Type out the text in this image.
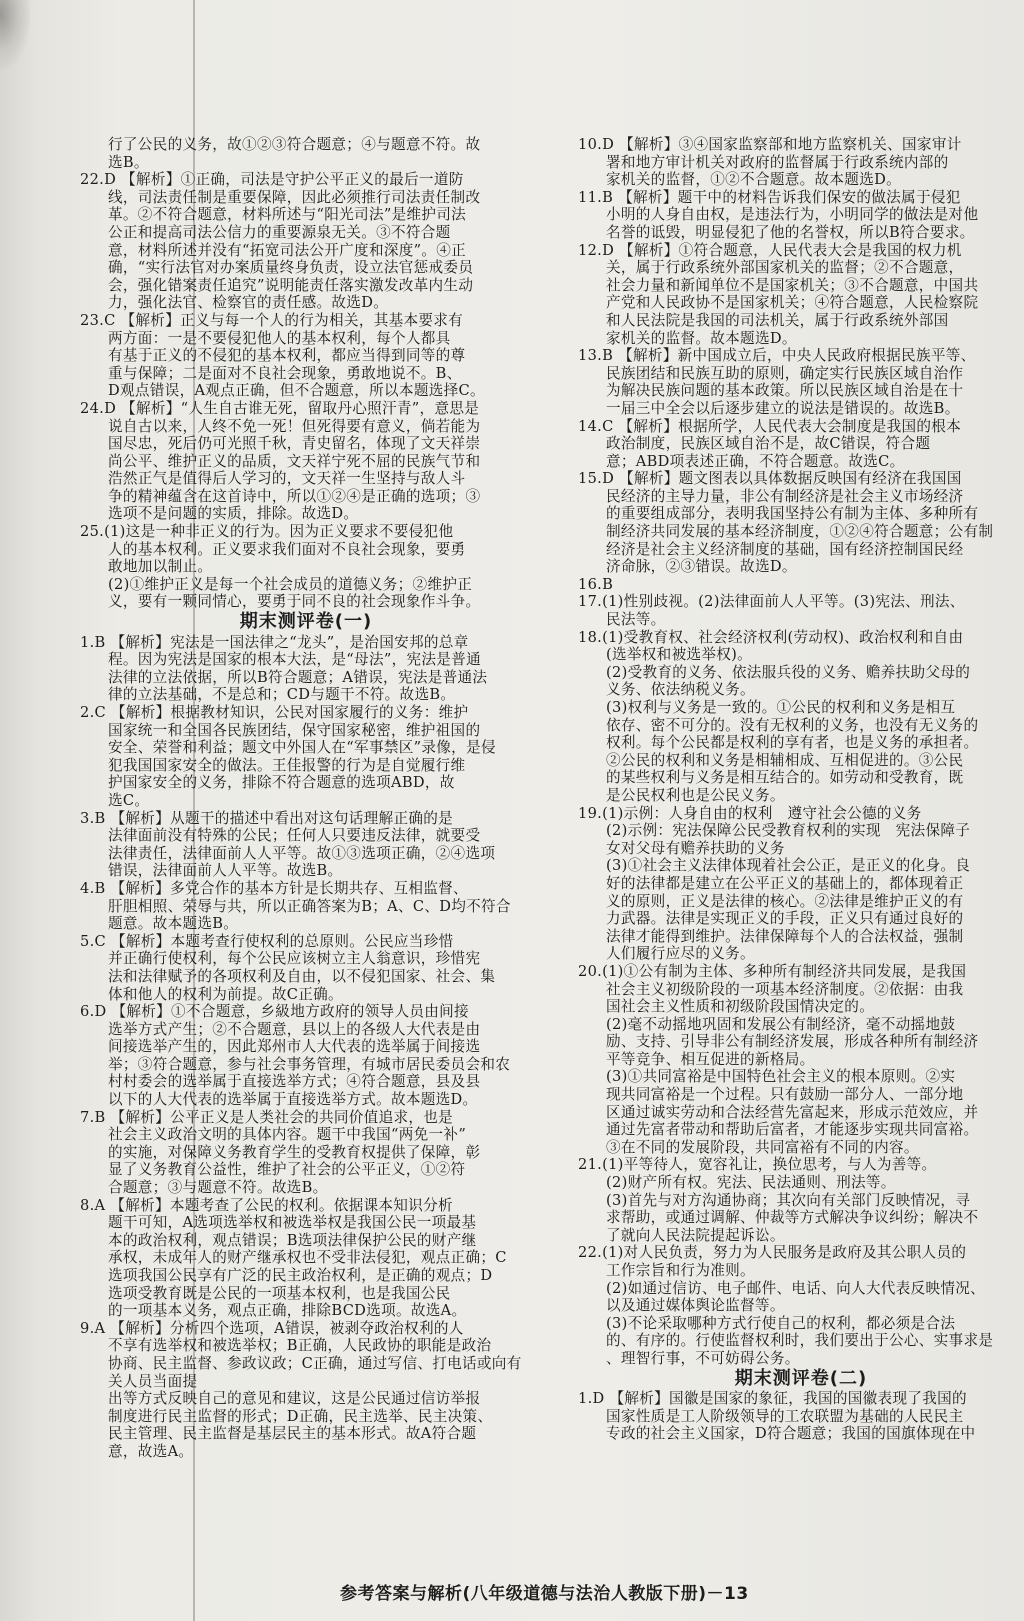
行了公民的义务，故①②③符合题意；④与题意不符。故

选B。

22.D 【解析】①正确，司法是守护公平正义的最后一道防

线，司法责任制是重要保障，因此必须推行司法责任制改

革。②不符合题意，材料所述与“阳光司法”是维护司法

公正和提高司法公信力的重要源泉无关。③不符合题

意，材料所述并没有“拓宽司法公开广度和深度”。④正

确，“实行法官对办案质量终身负责，设立法官惩戒委员

会，强化错案责任追究”说明能责任落实激发改革内生动

力，强化法官、检察官的责任感。故选D。

23.C 【解析】正义与每一个人的行为相关，其基本要求有

两方面：一是不要侵犯他人的基本权利，每个人都具

有基于正义的不侵犯的基本权利，都应当得到同等的尊

重与保障；二是面对不良社会现象，勇敢地说不。B、

D观点错误，A观点正确，但不合题意，所以本题选择C。

24.D 【解析】“人生自古谁无死，留取丹心照汗青”，意思是

说自古以来，人终不免一死！但死得要有意义，倘若能为

国尽忠，死后仍可光照千秋，青史留名，体现了文天祥崇

尚公平、维护正义的品质，文天祥宁死不屈的民族气节和

浩然正气是值得后人学习的，文天祥一生坚持与敌人斗

争的精神蕴含在这首诗中，所以①②④是正确的选项；③

选项不是问题的实质，排除。故选D。

25.(1)这是一种非正义的行为。因为正义要求不要侵犯他

人的基本权利。正义要求我们面对不良社会现象，要勇

敢地加以制止。

(2)①维护正义是每一个社会成员的道德义务；②维护正

义，要有一颗同情心，要勇于同不良的社会现象作斗争。

期末测评卷(一)

1.B 【解析】宪法是一国法律之“龙头”，是治国安邦的总章

程。因为宪法是国家的根本大法，是“母法”，宪法是普通

法律的立法依据，所以B符合题意；A错误，宪法是普通法

律的立法基础，不是总和；CD与题干不符。故选B。

2.C 【解析】根据教材知识，公民对国家履行的义务：维护

国家统一和全国各民族团结，保守国家秘密，维护祖国的

安全、荣誉和利益；题文中外国人在“军事禁区”录像，是侵

犯我国国家安全的做法。王佳报警的行为是自觉履行维

护国家安全的义务，排除不符合题意的选项ABD，故

选C。

3.B 【解析】从题干的描述中看出对这句话理解正确的是

法律面前没有特殊的公民；任何人只要违反法律，就要受

法律责任，法律面前人人平等。故①③选项正确，②④选项

错误，法律面前人人平等。故选B。

4.B 【解析】多党合作的基本方针是长期共存、互相监督、

肝胆相照、荣辱与共，所以正确答案为B；A、C、D均不符合

题意。故本题选B。

5.C 【解析】本题考查行使权利的总原则。公民应当珍惜

并正确行使权利，每个公民应该树立主人翁意识，珍惜宪

法和法律赋予的各项权利及自由，以不侵犯国家、社会、集

体和他人的权利为前提。故C正确。

6.D 【解析】①不合题意，乡級地方政府的领导人员由间接

选举方式产生；②不合题意，县以上的各级人大代表是由

间接选举产生的，因此郑州市人大代表的选举属于间接选

举；③符合题意，参与社会事务管理，有城市居民委员会和农

村村委会的选举属于直接选举方式；④符合题意，县及县

以下的人大代表的选举属于直接选举方式。故本题选D。

7.B 【解析】公平正义是人类社会的共同价值追求，也是

社会主义政治文明的具体内容。题干中我国“两免一补”

的实施，对保障义务教育学生的受教育权提供了保障，彰

显了义务教育公益性，维护了社会的公平正义，①②符

合题意；③与题意不符。故选B。

8.A 【解析】本题考查了公民的权利。依据课本知识分析

题干可知，A选项选举权和被选举权是我国公民一项最基

本的政治权利，观点错误；B选项法律保护公民的财产继

承权，未成年人的财产继承权也不受非法侵犯，观点正确；C

选项我国公民享有广泛的民主政治权利，是正确的观点；D

选项受教育既是公民的一项基本权利，也是我国公民

的一项基本义务，观点正确，排除BCD选项。故选A。

9.A 【解析】分析四个选项，A错误，被剥夺政治权利的人

不享有选举权和被选举权；B正确，人民政协的职能是政治

协商、民主监督、参政议政；C正确，通过写信、打电话或向有关人员当面提

出等方式反映自己的意见和建议，这是公民通过信访举报

制度进行民主监督的形式；D正确，民主选举、民主决策、

民主管理、民主监督是基层民主的基本形式。故A符合题

意，故选A。

10.D 【解析】③④国家监察部和地方监察机关、国家审计

署和地方审计机关对政府的监督属于行政系统内部的

家机关的监督，①②不合题意。故本题选D。

11.B 【解析】题干中的材料告诉我们保安的做法属于侵犯

小明的人身自由权，是违法行为，小明同学的做法是对他

名誉的诋毁，明显侵犯了他的名誉权，所以B符合要求。

12.D 【解析】①符合题意，人民代表大会是我国的权力机

关，属于行政系统外部国家机关的监督；②不合题意，

社会力量和新闻单位不是国家机关；③不合题意，中国共

产党和人民政协不是国家机关；④符合题意，人民检察院

和人民法院是我国的司法机关，属于行政系统外部国

家机关的监督。故本题选D。

13.B 【解析】新中国成立后，中央人民政府根据民族平等、

民族团结和民族互助的原则，确定实行民族区域自治作

为解决民族问题的基本政策。所以民族区域自治是在十

一届三中全会以后逐步建立的说法是错误的。故选B。

14.C 【解析】根据所学，人民代表大会制度是我国的根本

政治制度，民族区域自治不是，故C错误，符合题

意；ABD项表述正确，不符合题意。故选C。

15.D 【解析】题文图表以具体数据反映国有经济在我国国

民经济的主导力量，非公有制经济是社会主义市场经济

的重要组成部分，表明我国坚持公有制为主体、多种所有

制经济共同发展的基本经济制度，①②④符合题意；公有制

经济是社会主义经济制度的基础，国有经济控制国民经

济命脉，②③错误。故选D。

16.B

17.(1)性别歧视。(2)法律面前人人平等。(3)宪法、刑法、

民法等。

18.(1)受教育权、社会经济权利(劳动权)、政治权利和自由

(选举权和被选举权)。

(2)受教育的义务、依法服兵役的义务、赡养扶助父母的

义务、依法纳税义务。

(3)权利与义务是一致的。①公民的权利和义务是相互

依存、密不可分的。没有无权利的义务，也没有无义务的

权利。每个公民都是权利的享有者，也是义务的承担者。

②公民的权利和义务是相辅相成、互相促进的。③公民

的某些权利与义务是相互结合的。如劳动和受教育，既

是公民权利也是公民义务。

19.(1)示例：人身自由的权利　遵守社会公德的义务

(2)示例：宪法保障公民受教育权利的实现　宪法保障子

女对父母有赡养扶助的义务

(3)①社会主义法律体现着社会公正，是正义的化身。良

好的法律都是建立在公平正义的基础上的，都体现着正

义的原则，正义是法律的核心。②法律是维护正义的有

力武器。法律是实现正义的手段，正义只有通过良好的

法律才能得到维护。法律保障每个人的合法权益，强制

人们履行应尽的义务。

20.(1)①公有制为主体、多种所有制经济共同发展，是我国

社会主义初级阶段的一项基本经济制度。②依据：由我

国社会主义性质和初级阶段国情决定的。

(2)毫不动摇地巩固和发展公有制经济，毫不动摇地鼓

励、支持、引导非公有制经济发展，形成各种所有制经济

平等竞争、相互促进的新格局。

(3)①共同富裕是中国特色社会主义的根本原则。②实

现共同富裕是一个过程。只有鼓励一部分人、一部分地

区通过诚实劳动和合法经营先富起来，形成示范效应，并

通过先富者带动和帮助后富者，才能逐步实现共同富裕。

③在不同的发展阶段，共同富裕有不同的内容。

21.(1)平等待人，宽容礼让，换位思考，与人为善等。

(2)财产所有权。宪法、民法通则、刑法等。

(3)首先与对方沟通协商；其次向有关部门反映情况，寻

求帮助，或通过调解、仲裁等方式解决争议纠纷；解决不

了就向人民法院提起诉讼。

22.(1)对人民负责，努力为人民服务是政府及其公职人员的

工作宗旨和行为准则。

(2)如通过信访、电子邮件、电话、向人大代表反映情况、

以及通过媒体舆论监督等。

(3)不论采取哪种方式行使自己的权利，都必须是合法

的、有序的。行使监督权利时，我们要出于公心、实事求是

、理智行事，不可妨碍公务。

期末测评卷(二)

1.D 【解析】国徽是国家的象征，我国的国徽表现了我国的

国家性质是工人阶级领导的工农联盟为基础的人民民主

专政的社会主义国家，D符合题意；我国的国旗体现在中

参考答案与解析(八年级道德与法治人教版下册)－13
